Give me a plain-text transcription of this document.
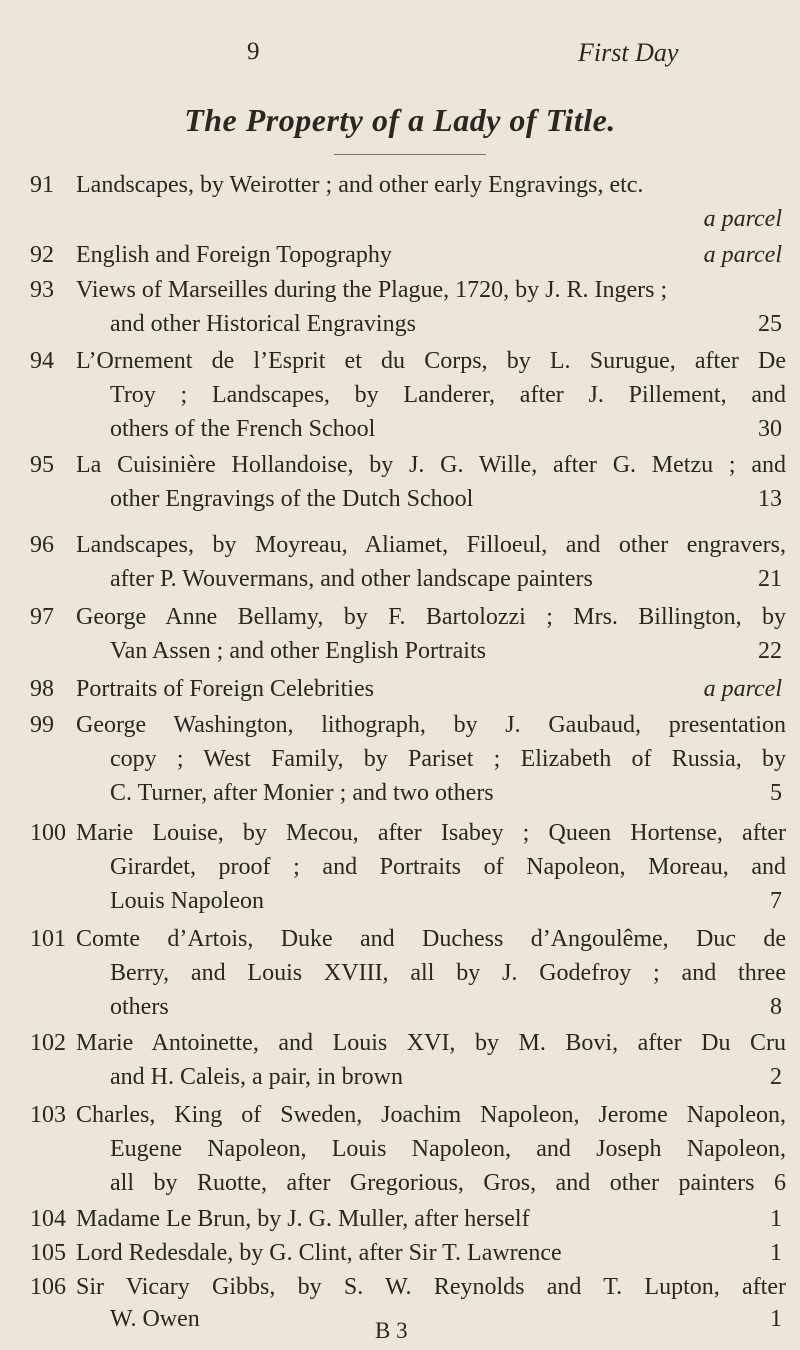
9	First Day
The Property of a Lady of Title.
91 Landscapes, by Weirotter ; and other early Engravings, etc.
a parcel
92 English and Foreign Topography	a parcel
93 Views of Marseilles during the Plague, 1720, by J. R. Ingers ;
and other Historical Engravings	25
94 L’Ornement de l’Esprit et du Corps, by L. Surugue, after De
Troy ; Landscapes, by Landerer, after J. Pillement, and
others of the French School	30
95 La Cuisinière Hollandoise, by J. G. Wille, after G. Metzu ; and
other Engravings of the Dutch School	13
96 Landscapes, by Moyreau, Aliamet, Filloeul, and other engravers,
after P. Wouvermans, and other landscape painters	21
97 George Anne Bellamy, by F. Bartolozzi ; Mrs. Billington, by
Van Assen ; and other English Portraits	22
98 Portraits of Foreign Celebrities	a parcel
99 George Washington, lithograph, by J. Gaubaud, presentation
copy ; West Family, by Pariset ; Elizabeth of Russia, by
C. Turner, after Monier ; and two others	5
100 Marie Louise, by Mecou, after Isabey ; Queen Hortense, after
Girardet, proof ; and Portraits of Napoleon, Moreau, and
Louis Napoleon	7
101 Comte d’Artois, Duke and Duchess d’Angoulême, Duc de
Berry, and Louis XVIII, all by J. Godefroy ; and three
others	8
102 Marie Antoinette, and Louis XVI, by M. Bovi, after Du Cru
and H. Caleis, a pair, in brown	2
103 Charles, King of Sweden, Joachim Napoleon, Jerome Napoleon,
Eugene Napoleon, Louis Napoleon, and Joseph Napoleon,
all by Ruotte, after Gregorious, Gros, and other painters 6
104 Madame Le Brun, by J. G. Muller, after herself	1
105 Lord Redesdale, by G. Clint, after Sir T. Lawrence	1
106 Sir Vicary Gibbs, by S. W. Reynolds and T. Lupton, after
W. Owen	1
B 3
